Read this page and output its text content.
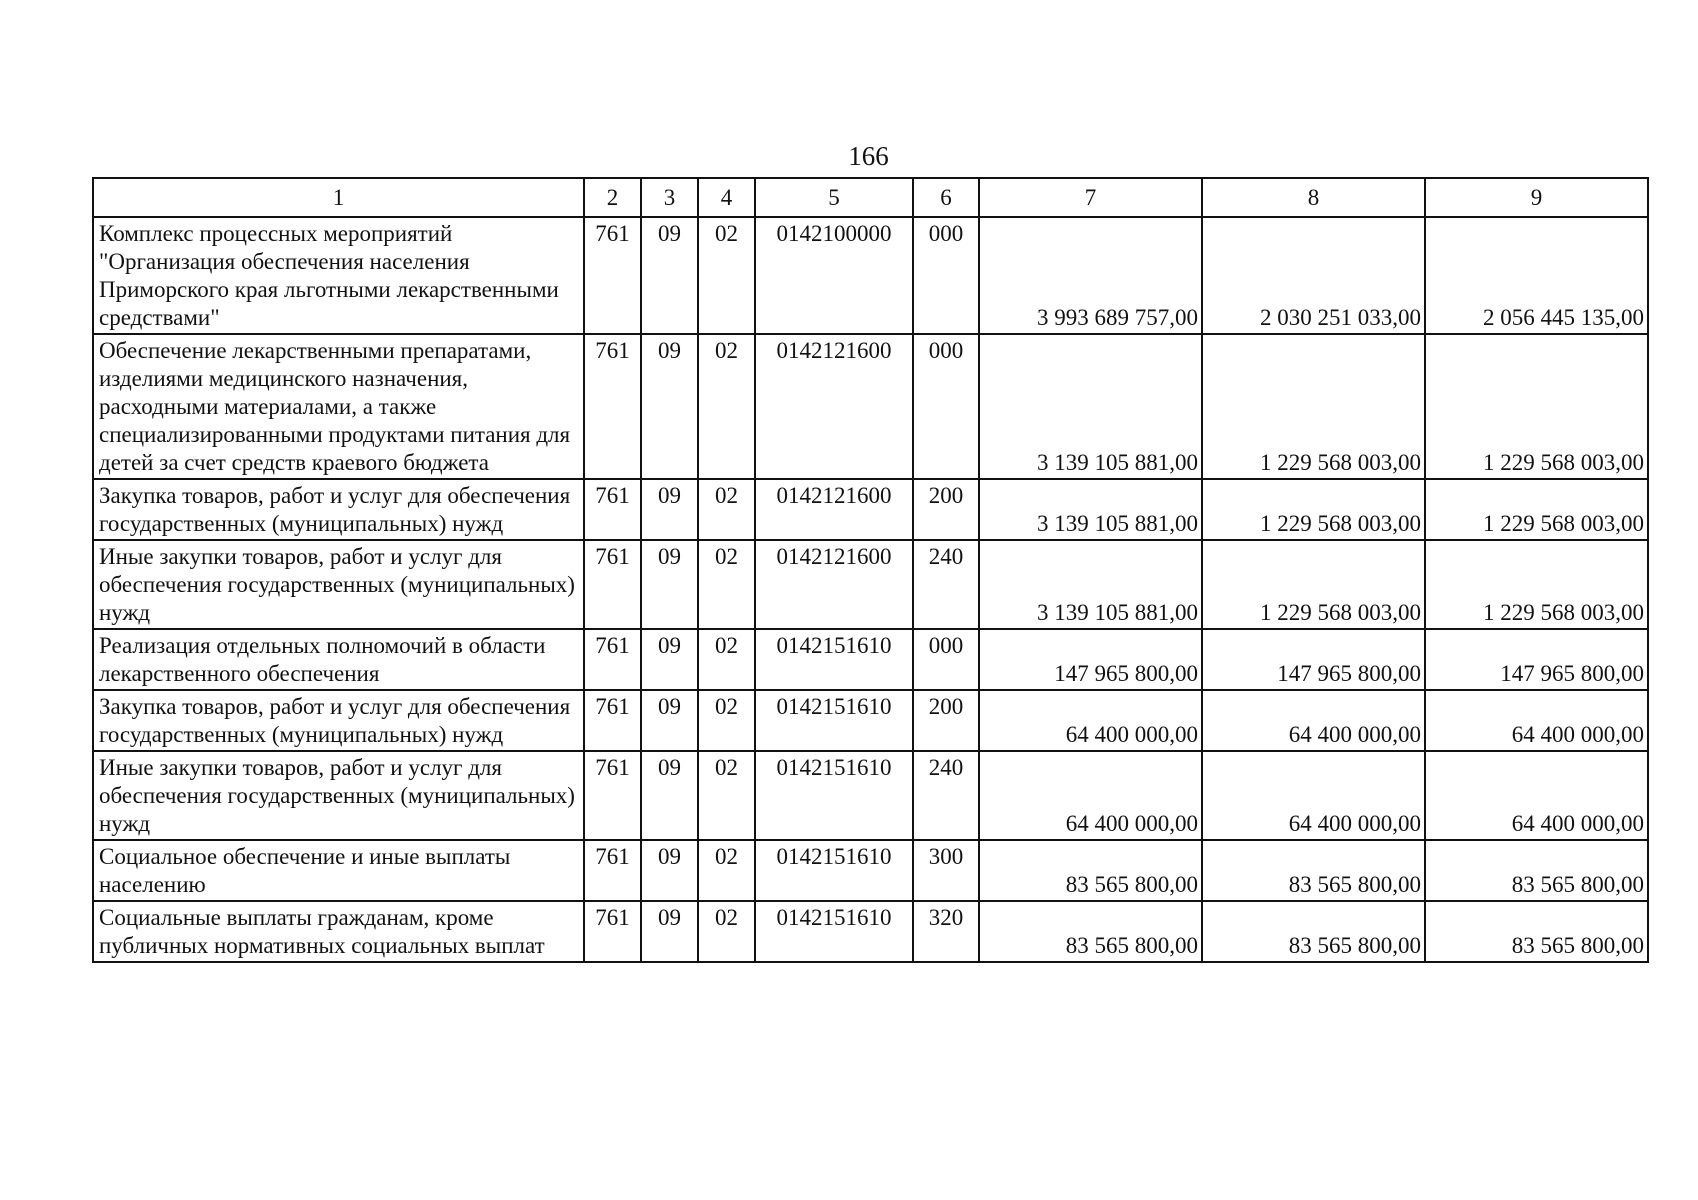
166
1	2	3	4	5	6	7	8	9
Комплекс процессных мероприятий "Организация обеспечения населения Приморского края льготными лекарственными средствами"	761	09	02	0142100000	000	3 993 689 757,00	2 030 251 033,00	2 056 445 135,00
Обеспечение лекарственными препаратами, изделиями медицинского назначения, расходными материалами, а также специализированными продуктами питания для детей за счет средств краевого бюджета	761	09	02	0142121600	000	3 139 105 881,00	1 229 568 003,00	1 229 568 003,00
Закупка товаров, работ и услуг для обеспечения государственных (муниципальных) нужд	761	09	02	0142121600	200	3 139 105 881,00	1 229 568 003,00	1 229 568 003,00
Иные закупки товаров, работ и услуг для обеспечения государственных (муниципальных) нужд	761	09	02	0142121600	240	3 139 105 881,00	1 229 568 003,00	1 229 568 003,00
Реализация отдельных полномочий в области лекарственного обеспечения	761	09	02	0142151610	000	147 965 800,00	147 965 800,00	147 965 800,00
Закупка товаров, работ и услуг для обеспечения государственных (муниципальных) нужд	761	09	02	0142151610	200	64 400 000,00	64 400 000,00	64 400 000,00
Иные закупки товаров, работ и услуг для обеспечения государственных (муниципальных) нужд	761	09	02	0142151610	240	64 400 000,00	64 400 000,00	64 400 000,00
Социальное обеспечение и иные выплаты населению	761	09	02	0142151610	300	83 565 800,00	83 565 800,00	83 565 800,00
Социальные выплаты гражданам, кроме публичных нормативных социальных выплат	761	09	02	0142151610	320	83 565 800,00	83 565 800,00	83 565 800,00
